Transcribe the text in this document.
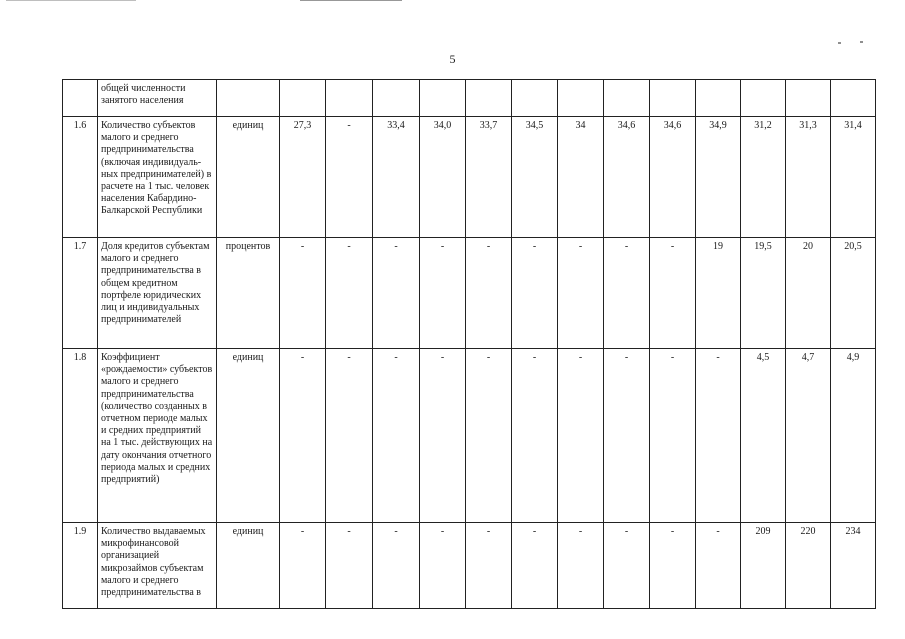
5
	общей численности занятого населения														
1.6	Количество субъектов малого и среднего предпринимательства (включая индивидуаль-ных предпринимателей) в расчете на 1 тыс. человек населения Кабардино-Балкарской Республики	единиц	27,3	-	33,4	34,0	33,7	34,5	34	34,6	34,6	34,9	31,2	31,3	31,4
1.7	Доля кредитов субъектам малого и среднего предпринимательства в общем кредитном портфеле юридических лиц и индивидуальных предпринимателей	процентов	-	-	-	-	-	-	-	-	-	19	19,5	20	20,5
1.8	Коэффициент «рождаемости» субъектов малого и среднего предпринимательства (количество созданных в отчетном периоде малых и средних предприятий на 1 тыс. действующих на дату окончания отчетного периода малых и средних предприятий)	единиц	-	-	-	-	-	-	-	-	-	-	4,5	4,7	4,9
1.9	Количество выдаваемых микрофинансовой организацией микрозаймов субъектам малого и среднего предпринимательства в	единиц	-	-	-	-	-	-	-	-	-	-	209	220	234
